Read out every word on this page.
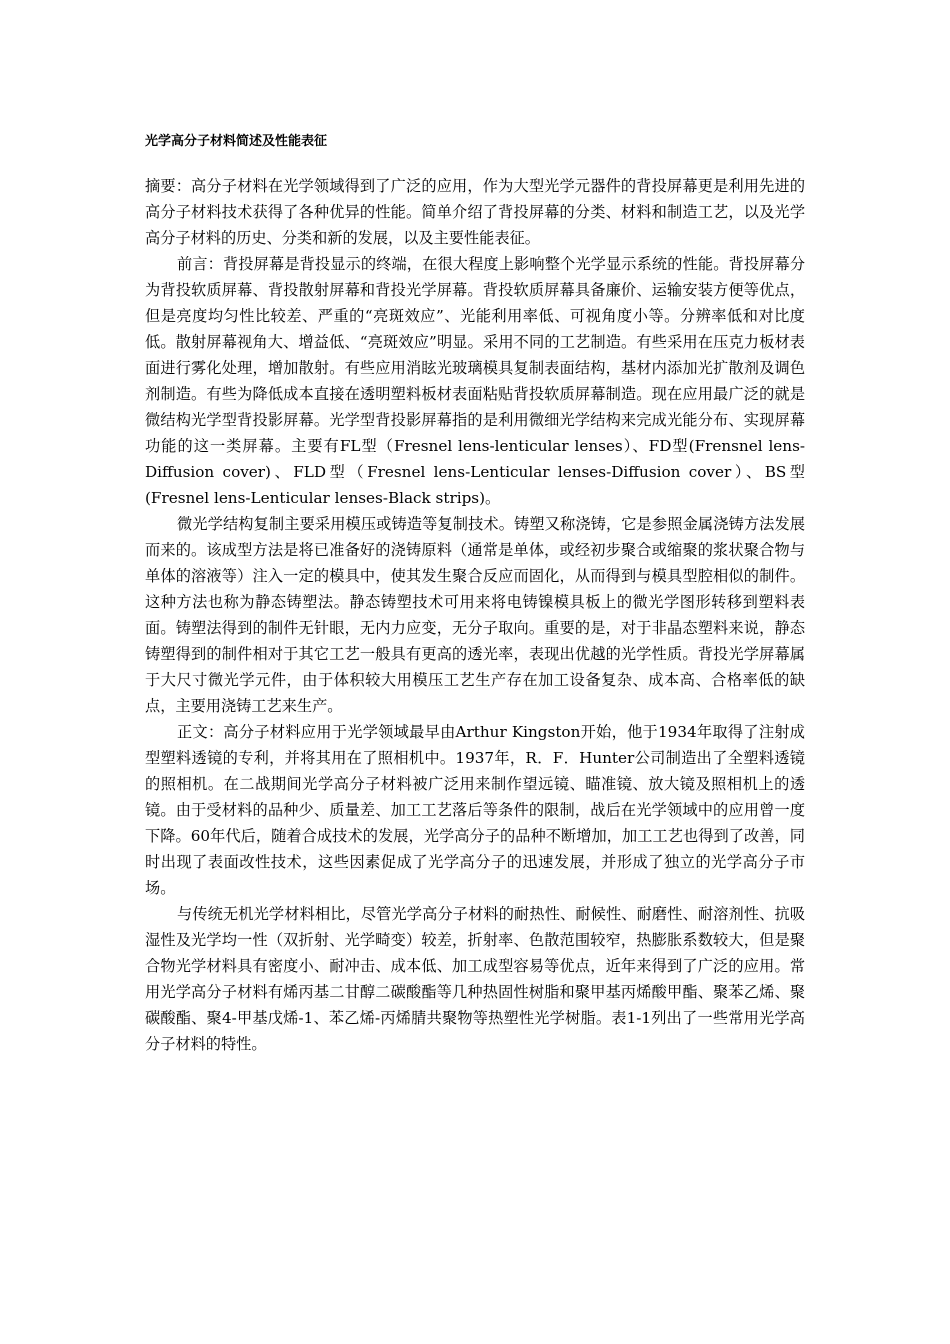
光学高分子材料简述及性能表征

摘要：高分子材料在光学领域得到了广泛的应用，作为大型光学元器件的背投屏幕更是利用先进的高分子材料技术获得了各种优异的性能。简单介绍了背投屏幕的分类、材料和制造工艺，以及光学高分子材料的历史、分类和新的发展，以及主要性能表征。

前言：背投屏幕是背投显示的终端，在很大程度上影响整个光学显示系统的性能。背投屏幕分为背投软质屏幕、背投散射屏幕和背投光学屏幕。背投软质屏幕具备廉价、运输安装方便等优点，但是亮度均匀性比较差、严重的“亮斑效应”、光能利用率低、可视角度小等。分辨率低和对比度低。散射屏幕视角大、增益低、“亮斑效应”明显。采用不同的工艺制造。有些采用在压克力板材表面进行雾化处理，增加散射。有些应用消眩光玻璃模具复制表面结构，基材内添加光扩散剂及调色剂制造。有些为降低成本直接在透明塑料板材表面粘贴背投软质屏幕制造。现在应用最广泛的就是微结构光学型背投影屏幕。光学型背投影屏幕指的是利用微细光学结构来完成光能分布、实现屏幕功能的这一类屏幕。主要有FL型（Fresnel lens-lenticular lenses）、FD型(Frensnel lens-Diffusion cover)、FLD型（Fresnel lens-Lenticular lenses-Diffusion cover）、BS型(Fresnel lens-Lenticular lenses-Black strips)。

微光学结构复制主要采用模压或铸造等复制技术。铸塑又称浇铸，它是参照金属浇铸方法发展而来的。该成型方法是将已准备好的浇铸原料（通常是单体，或经初步聚合或缩聚的浆状聚合物与单体的溶液等）注入一定的模具中，使其发生聚合反应而固化，从而得到与模具型腔相似的制件。这种方法也称为静态铸塑法。静态铸塑技术可用来将电铸镍模具板上的微光学图形转移到塑料表面。铸塑法得到的制件无针眼，无内力应变，无分子取向。重要的是，对于非晶态塑料来说，静态铸塑得到的制件相对于其它工艺一般具有更高的透光率，表现出优越的光学性质。背投光学屏幕属于大尺寸微光学元件，由于体积较大用模压工艺生产存在加工设备复杂、成本高、合格率低的缺点，主要用浇铸工艺来生产。

正文：高分子材料应用于光学领域最早由Arthur Kingston开始，他于1934年取得了注射成型塑料透镜的专利，并将其用在了照相机中。1937年，R．F．Hunter公司制造出了全塑料透镜的照相机。在二战期间光学高分子材料被广泛用来制作望远镜、瞄准镜、放大镜及照相机上的透镜。由于受材料的品种少、质量差、加工工艺落后等条件的限制，战后在光学领域中的应用曾一度下降。60年代后，随着合成技术的发展，光学高分子的品种不断增加，加工工艺也得到了改善，同时出现了表面改性技术，这些因素促成了光学高分子的迅速发展，并形成了独立的光学高分子市场。

与传统无机光学材料相比，尽管光学高分子材料的耐热性、耐候性、耐磨性、耐溶剂性、抗吸湿性及光学均一性（双折射、光学畸变）较差，折射率、色散范围较窄，热膨胀系数较大，但是聚合物光学材料具有密度小、耐冲击、成本低、加工成型容易等优点，近年来得到了广泛的应用。常用光学高分子材料有烯丙基二甘醇二碳酸酯等几种热固性树脂和聚甲基丙烯酸甲酯、聚苯乙烯、聚碳酸酯、聚4-甲基戊烯-1、苯乙烯-丙烯腈共聚物等热塑性光学树脂。表1-1列出了一些常用光学高分子材料的特性。
